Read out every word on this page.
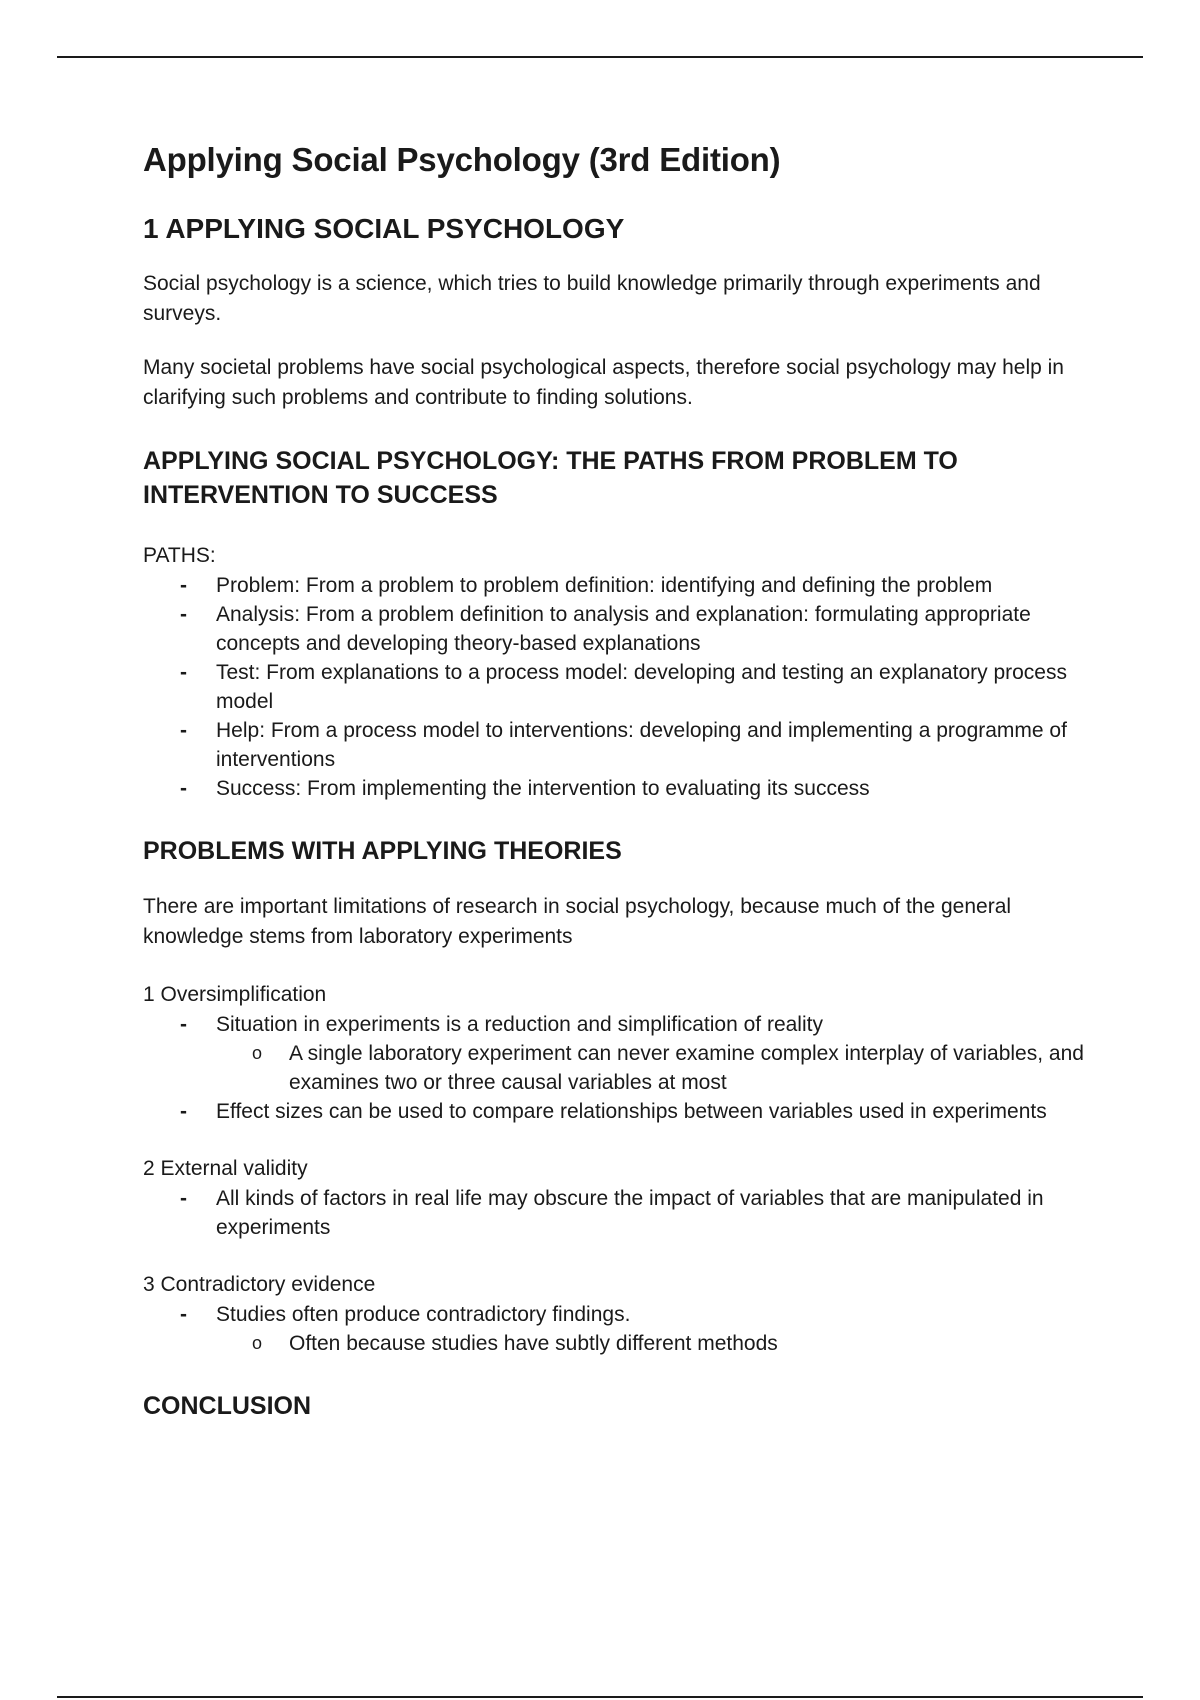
Applying Social Psychology (3rd Edition)
1 APPLYING SOCIAL PSYCHOLOGY

Social psychology is a science, which tries to build knowledge primarily through experiments and surveys.

Many societal problems have social psychological aspects, therefore social psychology may help in clarifying such problems and contribute to finding solutions.

APPLYING SOCIAL PSYCHOLOGY: THE PATHS FROM PROBLEM TO INTERVENTION TO SUCCESS
PATHS:
- Problem: From a problem to problem definition: identifying and defining the problem
- Analysis: From a problem definition to analysis and explanation: formulating appropriate concepts and developing theory-based explanations
- Test: From explanations to a process model: developing and testing an explanatory process model
- Help: From a process model to interventions: developing and implementing a programme of interventions
- Success: From implementing the intervention to evaluating its success
PROBLEMS WITH APPLYING THEORIES

There are important limitations of research in social psychology, because much of the general knowledge stems from laboratory experiments

1 Oversimplification
- Situation in experiments is a reduction and simplification of reality
o A single laboratory experiment can never examine complex interplay of variables, and examines two or three causal variables at most
- Effect sizes can be used to compare relationships between variables used in experiments
2 External validity
- All kinds of factors in real life may obscure the impact of variables that are manipulated in experiments
3 Contradictory evidence
- Studies often produce contradictory findings.
o Often because studies have subtly different methods
CONCLUSION
